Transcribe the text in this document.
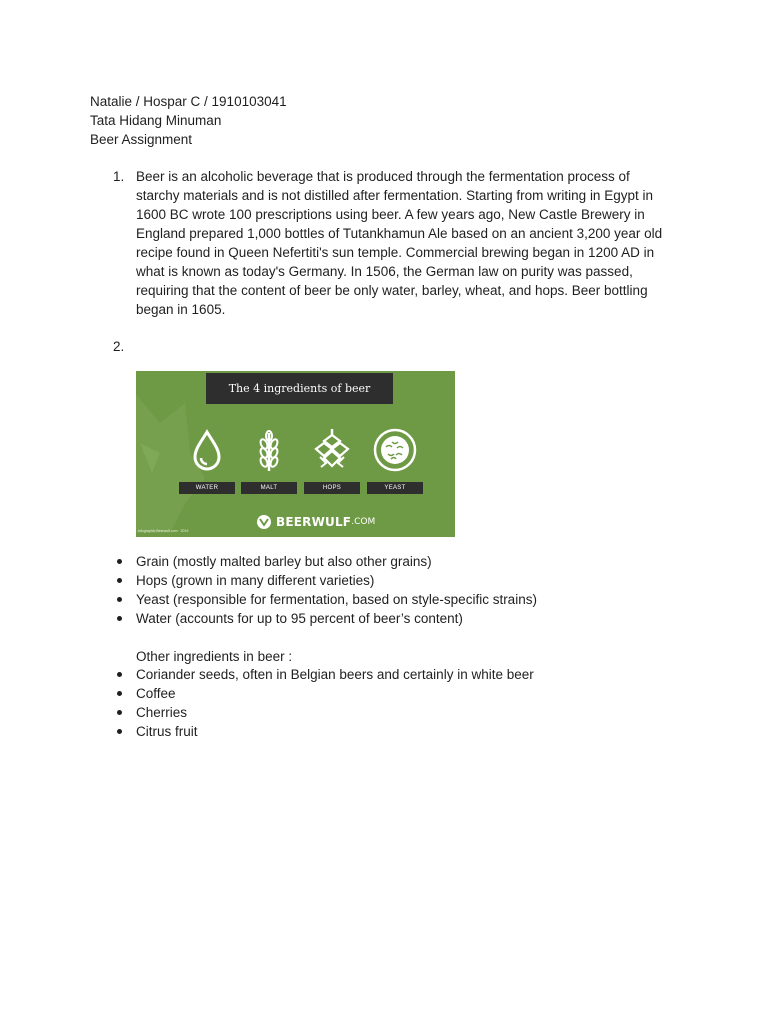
Natalie / Hospar C / 1910103041
Tata Hidang Minuman
Beer Assignment
1. Beer is an alcoholic beverage that is produced through the fermentation process of starchy materials and is not distilled after fermentation. Starting from writing in Egypt in 1600 BC wrote 100 prescriptions using beer. A few years ago, New Castle Brewery in England prepared 1,000 bottles of Tutankhamun Ale based on an ancient 3,200 year old recipe found in Queen Nefertiti's sun temple. Commercial brewing began in 1200 AD in what is known as today's Germany. In 1506, the German law on purity was passed, requiring that the content of beer be only water, barley, wheat, and hops. Beer bottling began in 1605.
2.
The 4 ingredients of beer
WATER	MALT	HOPS	YEAST
BEERWULF .COM
Infographic Beerwulf.com · 2019
Grain (mostly malted barley but also other grains)
Hops (grown in many different varieties)
Yeast (responsible for fermentation, based on style-specific strains)
Water (accounts for up to 95 percent of beer’s content)
Other ingredients in beer :
Coriander seeds, often in Belgian beers and certainly in white beer
Coffee
Cherries
Citrus fruit
